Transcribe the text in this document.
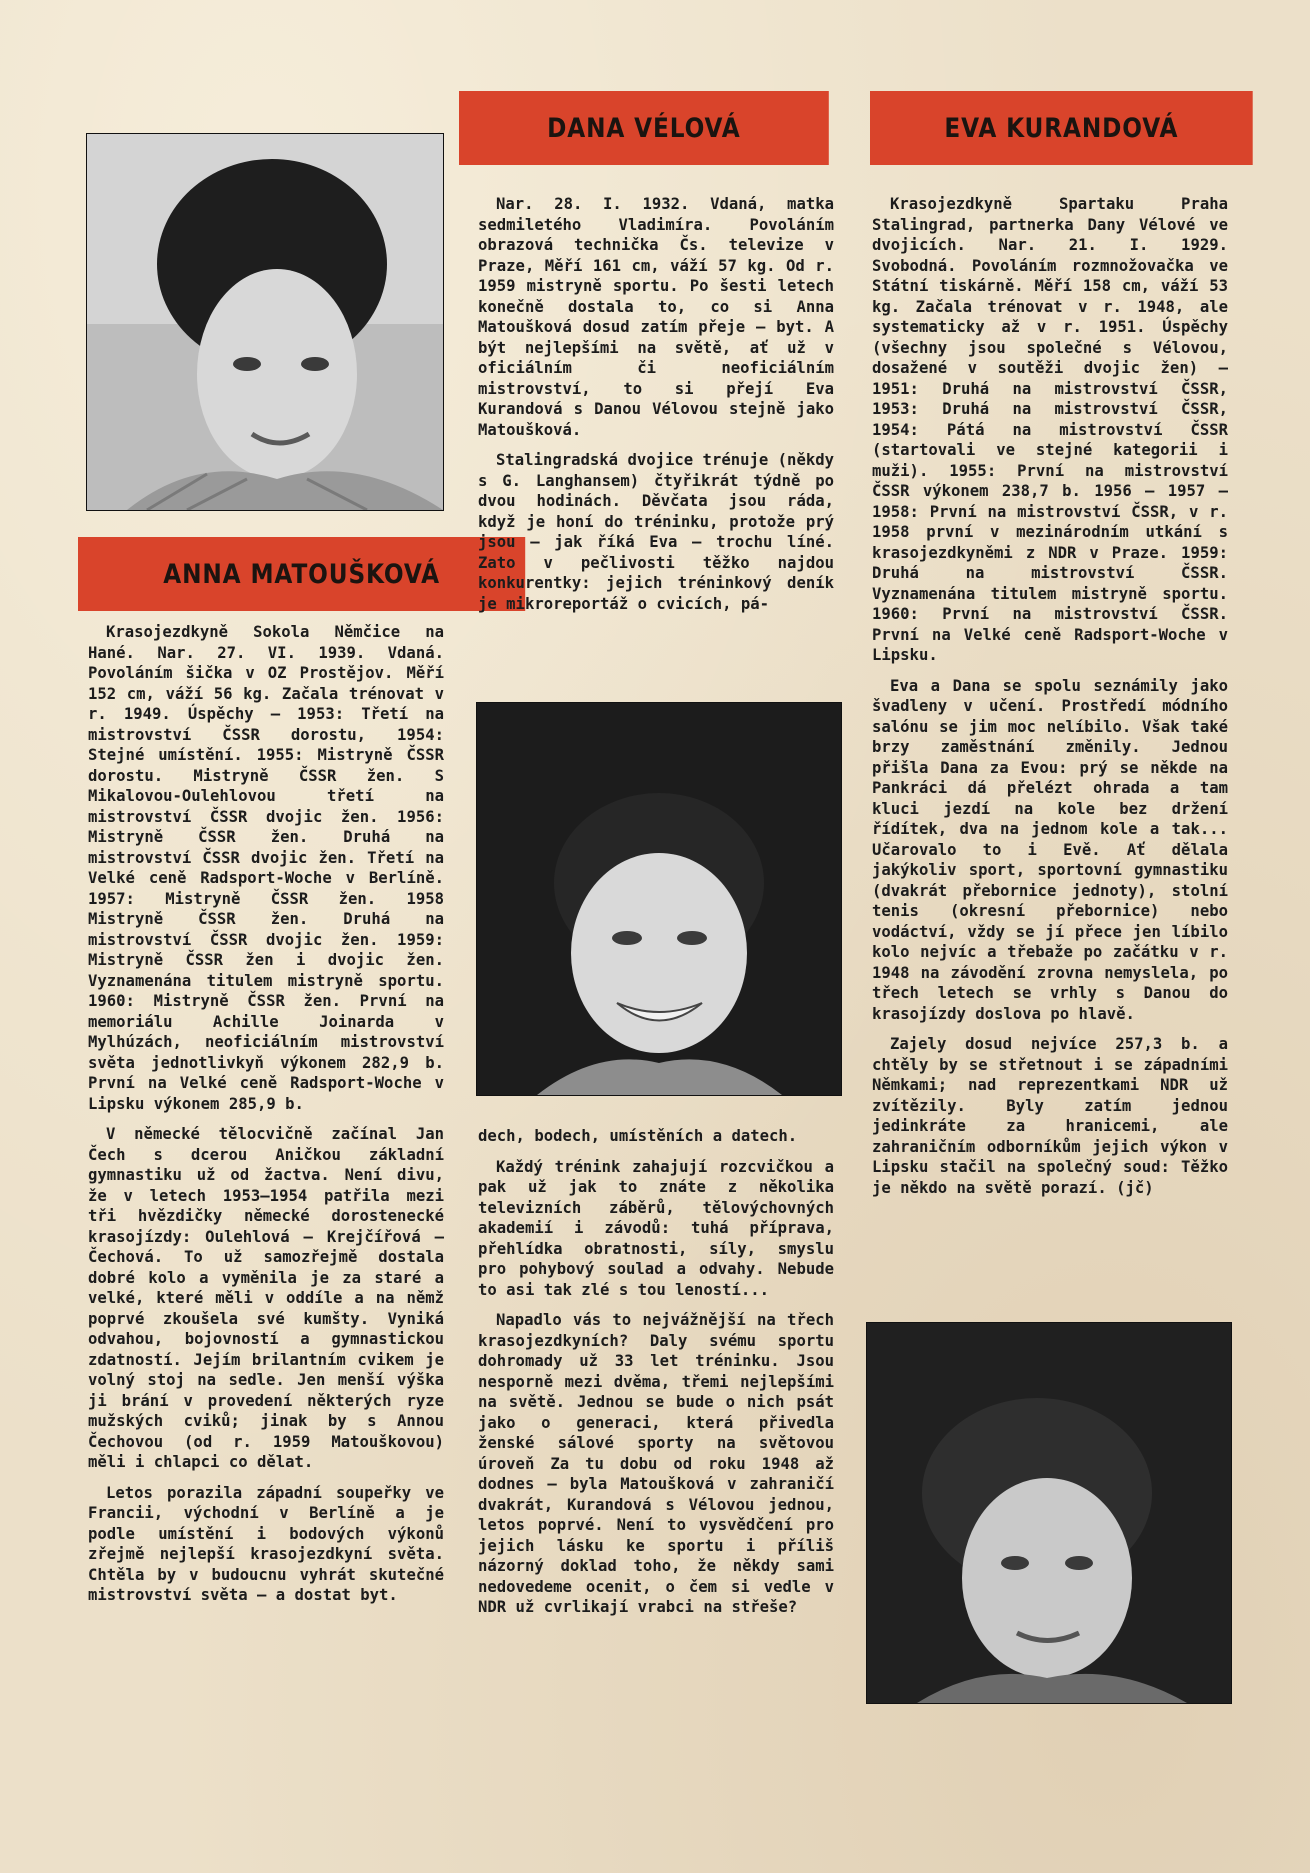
ANNA MATOUŠKOVÁ

Krasojezdkyně Sokola Němčice na Hané. Nar. 27. VI. 1939. Vdaná. Povoláním šička v OZ Prostějov. Měří 152 cm, váží 56 kg. Začala trénovat v r. 1949. Úspěchy — 1953: Třetí na mistrovství ČSSR dorostu, 1954: Stejné umístění. 1955: Mistryně ČSSR dorostu. Mistryně ČSSR žen. S Mikalovou-Oulehlovou třetí na mistrovství ČSSR dvojic žen. 1956: Mistryně ČSSR žen. Druhá na mistrovství ČSSR dvojic žen. Třetí na Velké ceně Radsport-Woche v Berlíně. 1957: Mistryně ČSSR žen. 1958 Mistryně ČSSR žen. Druhá na mistrovství ČSSR dvojic žen. 1959: Mistryně ČSSR žen i dvojic žen. Vyznamenána titulem mistryně sportu. 1960: Mistryně ČSSR žen. První na memoriálu Achille Joinarda v Mylhúzách, neoficiálním mistrovství světa jednotlivkyň výkonem 282,9 b. První na Velké ceně Radsport-Woche v Lipsku výkonem 285,9 b.

V německé tělocvičně začínal Jan Čech s dcerou Aničkou základní gymnastiku už od žactva. Není divu, že v letech 1953—1954 patřila mezi tři hvězdičky německé dorostenecké krasojízdy: Oulehlová — Krejčířová — Čechová. To už samozřejmě dostala dobré kolo a vyměnila je za staré a velké, které měli v oddíle a na němž poprvé zkoušela své kumšty. Vyniká odvahou, bojovností a gymnastickou zdatností. Jejím brilantním cvikem je volný stoj na sedle. Jen menší výška ji brání v provedení některých ryze mužských cviků; jinak by s Annou Čechovou (od r. 1959 Matouškovou) měli i chlapci co dělat.

Letos porazila západní soupeřky ve Francii, východní v Berlíně a je podle umístění i bodových výkonů zřejmě nejlepší krasojezdkyní světa. Chtěla by v budoucnu vyhrát skutečné mistrovství světa — a dostat byt.

DANA VÉLOVÁ

Nar. 28. I. 1932. Vdaná, matka sedmiletého Vladimíra. Povoláním obrazová technička Čs. televize v Praze, Měří 161 cm, váží 57 kg. Od r. 1959 mistryně sportu. Po šesti letech konečně dostala to, co si Anna Matoušková dosud zatím přeje — byt. A být nejlepšími na světě, ať už v oficiálním či neoficiálním mistrovství, to si přejí Eva Kurandová s Danou Vélovou stejně jako Matoušková.

Stalingradská dvojice trénuje (někdy s G. Langhansem) čtyřikrát týdně po dvou hodinách. Děvčata jsou ráda, když je honí do tréninku, protože prý jsou — jak říká Eva — trochu líné. Zato v pečlivosti těžko najdou konkurentky: jejich tréninkový deník je mikroreportáž o cvicích, pá-

dech, bodech, umístěních a datech.

Každý trénink zahajují rozcvičkou a pak už jak to znáte z několika televizních záběrů, tělovýchovných akademií i závodů: tuhá příprava, přehlídka obratnosti, síly, smyslu pro pohybový soulad a odvahy. Nebude to asi tak zlé s tou leností...

Napadlo vás to nejvážnější na třech krasojezdkyních? Daly svému sportu dohromady už 33 let tréninku. Jsou nesporně mezi dvěma, třemi nejlepšími na světě. Jednou se bude o nich psát jako o generaci, která přivedla ženské sálové sporty na světovou úroveň Za tu dobu od roku 1948 až dodnes — byla Matoušková v zahraničí dvakrát, Kurandová s Vélovou jednou, letos poprvé. Není to vysvědčení pro jejich lásku ke sportu i příliš názorný doklad toho, že někdy sami nedovedeme ocenit, o čem si vedle v NDR už cvrlikají vrabci na střeše?

EVA KURANDOVÁ

Krasojezdkyně Spartaku Praha Stalingrad, partnerka Dany Vélové ve dvojicích. Nar. 21. I. 1929. Svobodná. Povoláním rozmnožovačka ve Státní tiskárně. Měří 158 cm, váží 53 kg. Začala trénovat v r. 1948, ale systematicky až v r. 1951. Úspěchy (všechny jsou společné s Vélovou, dosažené v soutěži dvojic žen) — 1951: Druhá na mistrovství ČSSR, 1953: Druhá na mistrovství ČSSR, 1954: Pátá na mistrovství ČSSR (startovali ve stejné kategorii i muži). 1955: První na mistrovství ČSSR výkonem 238,7 b. 1956 — 1957 — 1958: První na mistrovství ČSSR, v r. 1958 první v mezinárodním utkání s krasojezdkyněmi z NDR v Praze. 1959: Druhá na mistrovství ČSSR. Vyznamenána titulem mistryně sportu. 1960: První na mistrovství ČSSR. První na Velké ceně Radsport-Woche v Lipsku.

Eva a Dana se spolu seznámily jako švadleny v učení. Prostředí módního salónu se jim moc nelíbilo. Však také brzy zaměstnání změnily. Jednou přišla Dana za Evou: prý se někde na Pankráci dá přelézt ohrada a tam kluci jezdí na kole bez držení řídítek, dva na jednom kole a tak... Učarovalo to i Evě. Ať dělala jakýkoliv sport, sportovní gymnastiku (dvakrát přebornice jednoty), stolní tenis (okresní přebornice) nebo vodáctví, vždy se jí přece jen líbilo kolo nejvíc a třebaže po začátku v r. 1948 na závodění zrovna nemyslela, po třech letech se vrhly s Danou do krasojízdy doslova po hlavě.

Zajely dosud nejvíce 257,3 b. a chtěly by se střetnout i se západními Němkami; nad reprezentkami NDR už zvítězily. Byly zatím jednou jedinkráte za hranicemi, ale zahraničním odborníkům jejich výkon v Lipsku stačil na společný soud: Těžko je někdo na světě porazí. (jč)
